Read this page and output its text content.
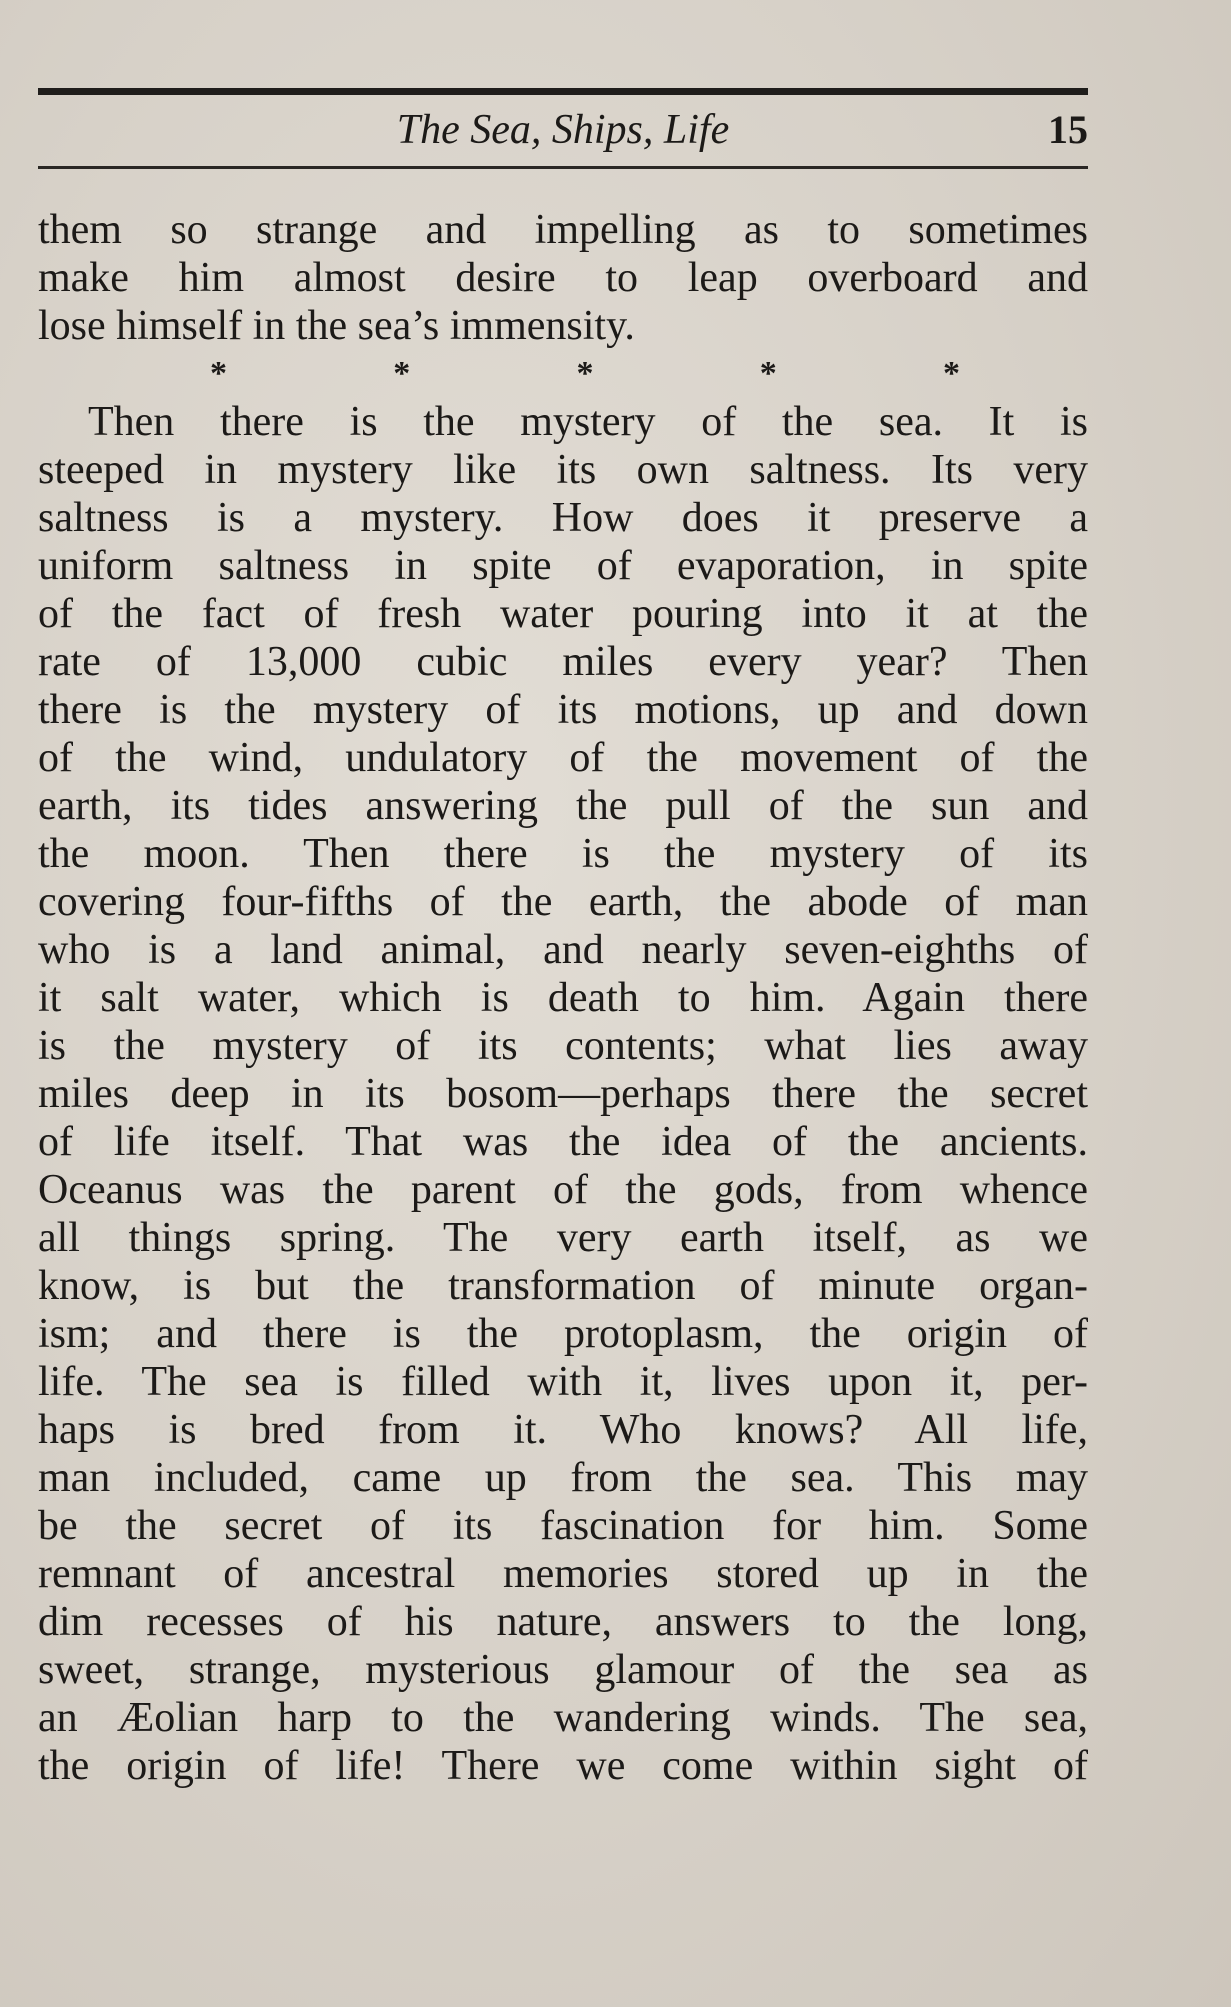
The Sea, Ships, Life	15
them so strange and impelling as to sometimes
make him almost desire to leap overboard and
lose himself in the sea’s immensity.
*	*	*	*	*
Then there is the mystery of the sea. It is
steeped in mystery like its own saltness. Its very
saltness is a mystery. How does it preserve a
uniform saltness in spite of evaporation, in spite
of the fact of fresh water pouring into it at the
rate of 13,000 cubic miles every year? Then
there is the mystery of its motions, up and down
of the wind, undulatory of the movement of the
earth, its tides answering the pull of the sun and
the moon. Then there is the mystery of its
covering four-fifths of the earth, the abode of man
who is a land animal, and nearly seven-eighths of
it salt water, which is death to him. Again there
is the mystery of its contents; what lies away
miles deep in its bosom—perhaps there the secret
of life itself. That was the idea of the ancients.
Oceanus was the parent of the gods, from whence
all things spring. The very earth itself, as we
know, is but the transformation of minute organ-
ism; and there is the protoplasm, the origin of
life. The sea is filled with it, lives upon it, per-
haps is bred from it. Who knows? All life,
man included, came up from the sea. This may
be the secret of its fascination for him. Some
remnant of ancestral memories stored up in the
dim recesses of his nature, answers to the long,
sweet, strange, mysterious glamour of the sea as
an Æolian harp to the wandering winds. The sea,
the origin of life! There we come within sight of
